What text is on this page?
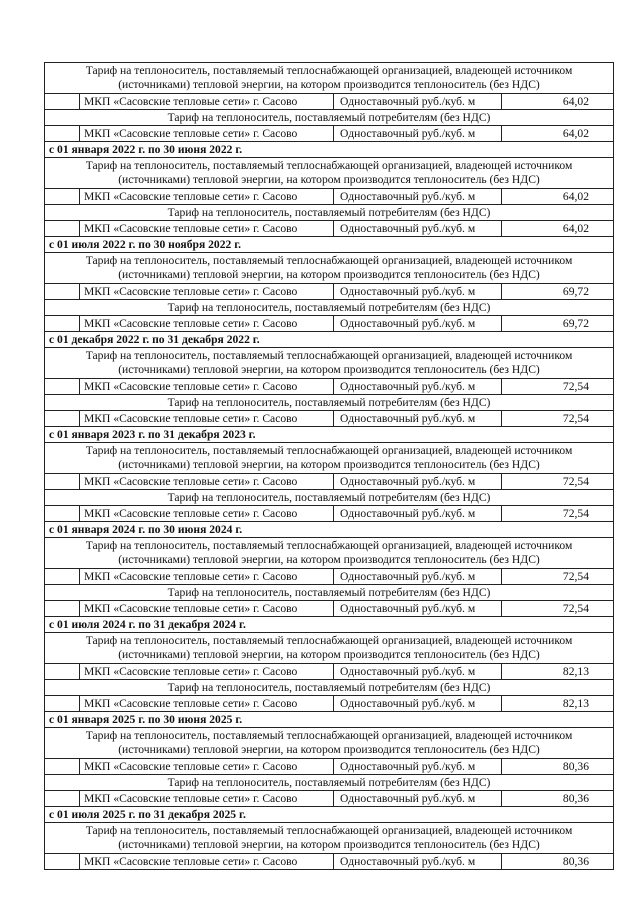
Тариф на теплоноситель, поставляемый теплоснабжающей организацией, владеющей источником (источниками) тепловой энергии, на котором производится теплоноситель (без НДС)
МКП «Сасовские тепловые сети» г. Сасово	Одноставочный руб./куб. м	64,02
Тариф на теплоноситель, поставляемый потребителям (без НДС)
МКП «Сасовские тепловые сети» г. Сасово	Одноставочный руб./куб. м	64,02
с 01 января 2022 г. по 30 июня 2022 г.
Тариф на теплоноситель, поставляемый теплоснабжающей организацией, владеющей источником (источниками) тепловой энергии, на котором производится теплоноситель (без НДС)
МКП «Сасовские тепловые сети» г. Сасово	Одноставочный руб./куб. м	64,02
Тариф на теплоноситель, поставляемый потребителям (без НДС)
МКП «Сасовские тепловые сети» г. Сасово	Одноставочный руб./куб. м	64,02
с 01 июля 2022 г. по 30 ноября 2022 г.
Тариф на теплоноситель, поставляемый теплоснабжающей организацией, владеющей источником (источниками) тепловой энергии, на котором производится теплоноситель (без НДС)
МКП «Сасовские тепловые сети» г. Сасово	Одноставочный руб./куб. м	69,72
Тариф на теплоноситель, поставляемый потребителям (без НДС)
МКП «Сасовские тепловые сети» г. Сасово	Одноставочный руб./куб. м	69,72
с 01 декабря 2022 г. по 31 декабря 2022 г.
Тариф на теплоноситель, поставляемый теплоснабжающей организацией, владеющей источником (источниками) тепловой энергии, на котором производится теплоноситель (без НДС)
МКП «Сасовские тепловые сети» г. Сасово	Одноставочный руб./куб. м	72,54
Тариф на теплоноситель, поставляемый потребителям (без НДС)
МКП «Сасовские тепловые сети» г. Сасово	Одноставочный руб./куб. м	72,54
с 01 января 2023 г. по 31 декабря 2023 г.
Тариф на теплоноситель, поставляемый теплоснабжающей организацией, владеющей источником (источниками) тепловой энергии, на котором производится теплоноситель (без НДС)
МКП «Сасовские тепловые сети» г. Сасово	Одноставочный руб./куб. м	72,54
Тариф на теплоноситель, поставляемый потребителям (без НДС)
МКП «Сасовские тепловые сети» г. Сасово	Одноставочный руб./куб. м	72,54
с 01 января 2024 г. по 30 июня 2024 г.
Тариф на теплоноситель, поставляемый теплоснабжающей организацией, владеющей источником (источниками) тепловой энергии, на котором производится теплоноситель (без НДС)
МКП «Сасовские тепловые сети» г. Сасово	Одноставочный руб./куб. м	72,54
Тариф на теплоноситель, поставляемый потребителям (без НДС)
МКП «Сасовские тепловые сети» г. Сасово	Одноставочный руб./куб. м	72,54
с 01 июля 2024 г. по 31 декабря 2024 г.
Тариф на теплоноситель, поставляемый теплоснабжающей организацией, владеющей источником (источниками) тепловой энергии, на котором производится теплоноситель (без НДС)
МКП «Сасовские тепловые сети» г. Сасово	Одноставочный руб./куб. м	82,13
Тариф на теплоноситель, поставляемый потребителям (без НДС)
МКП «Сасовские тепловые сети» г. Сасово	Одноставочный руб./куб. м	82,13
с 01 января 2025 г. по 30 июня 2025 г.
Тариф на теплоноситель, поставляемый теплоснабжающей организацией, владеющей источником (источниками) тепловой энергии, на котором производится теплоноситель (без НДС)
МКП «Сасовские тепловые сети» г. Сасово	Одноставочный руб./куб. м	80,36
Тариф на теплоноситель, поставляемый потребителям (без НДС)
МКП «Сасовские тепловые сети» г. Сасово	Одноставочный руб./куб. м	80,36
с 01 июля 2025 г. по 31 декабря 2025 г.
Тариф на теплоноситель, поставляемый теплоснабжающей организацией, владеющей источником (источниками) тепловой энергии, на котором производится теплоноситель (без НДС)
МКП «Сасовские тепловые сети» г. Сасово	Одноставочный руб./куб. м	80,36
